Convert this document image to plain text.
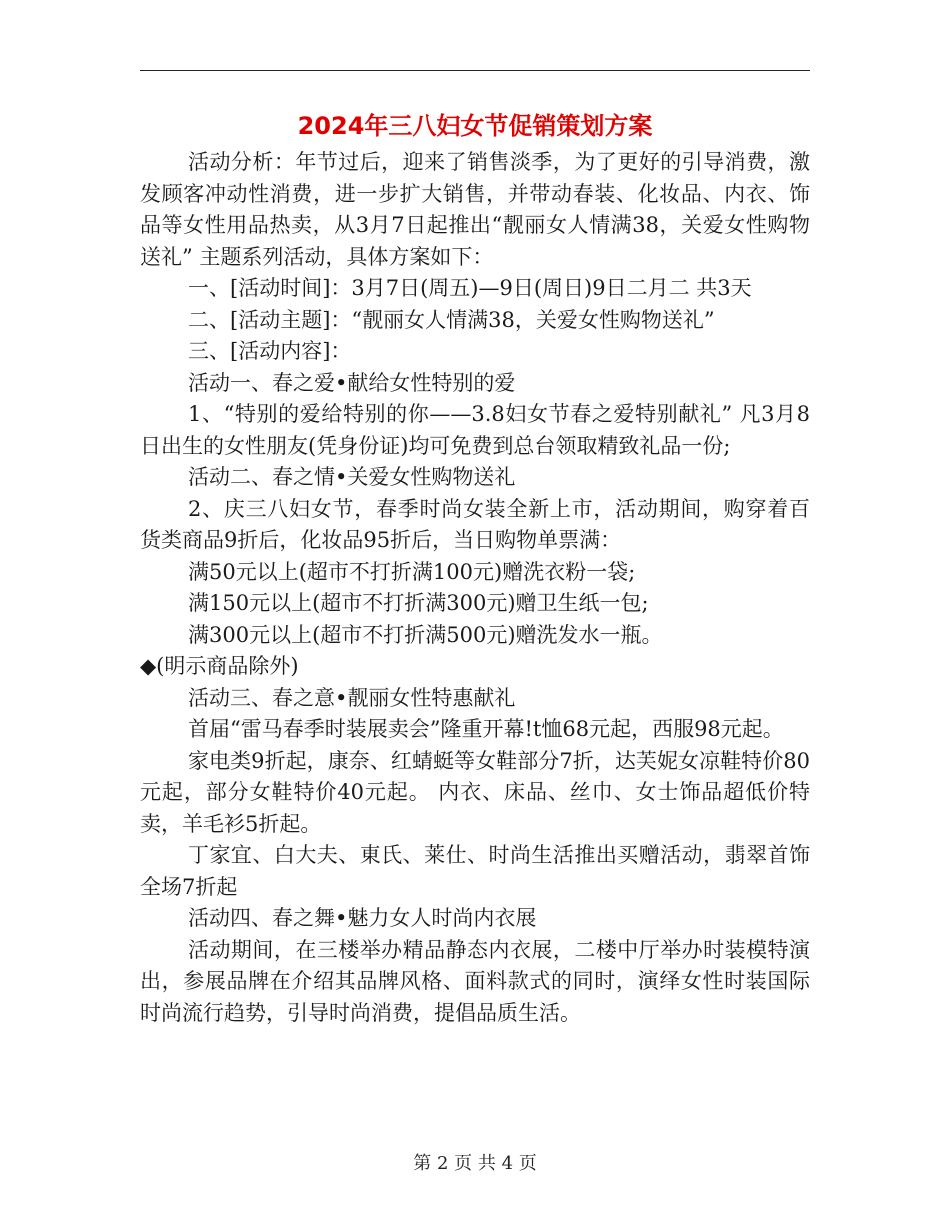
2024年三八妇女节促销策划方案

活动分析：年节过后，迎来了销售淡季，为了更好的引导消费，激发顾客冲动性消费，进一步扩大销售，并带动春装、化妆品、内衣、饰品等女性用品热卖，从3月7日起推出“靓丽女人情满38，关爱女性购物送礼” 主题系列活动，具体方案如下：

一、[活动时间]：3月7日(周五)—9日(周日)9日二月二 共3天

二、[活动主题]：“靓丽女人情满38，关爱女性购物送礼”

三、[活动内容]：

活动一、春之爱•献给女性特别的爱

1、“特别的爱给特别的你——3.8妇女节春之爱特别献礼” 凡3月8日出生的女性朋友(凭身份证)均可免费到总台领取精致礼品一份;

活动二、春之情•关爱女性购物送礼

2、庆三八妇女节，春季时尚女装全新上市，活动期间，购穿着百货类商品9折后，化妆品95折后，当日购物单票满：

满50元以上(超市不打折满100元)赠洗衣粉一袋;

满150元以上(超市不打折满300元)赠卫生纸一包;

满300元以上(超市不打折满500元)赠洗发水一瓶。

◆(明示商品除外)

活动三、春之意•靓丽女性特惠献礼

首届“雷马春季时装展卖会”隆重开幕!t恤68元起，西服98元起。

家电类9折起，康奈、红蜻蜓等女鞋部分7折，达芙妮女凉鞋特价80元起，部分女鞋特价40元起。 内衣、床品、丝巾、女士饰品超低价特卖，羊毛衫5折起。

丁家宜、白大夫、東氏、莱仕、时尚生活推出买赠活动，翡翠首饰全场7折起

活动四、春之舞•魅力女人时尚内衣展

活动期间，在三楼举办精品静态内衣展，二楼中厅举办时装模特演出，参展品牌在介绍其品牌风格、面料款式的同时，演绎女性时装国际时尚流行趋势，引导时尚消费，提倡品质生活。

第 2 页 共 4 页
